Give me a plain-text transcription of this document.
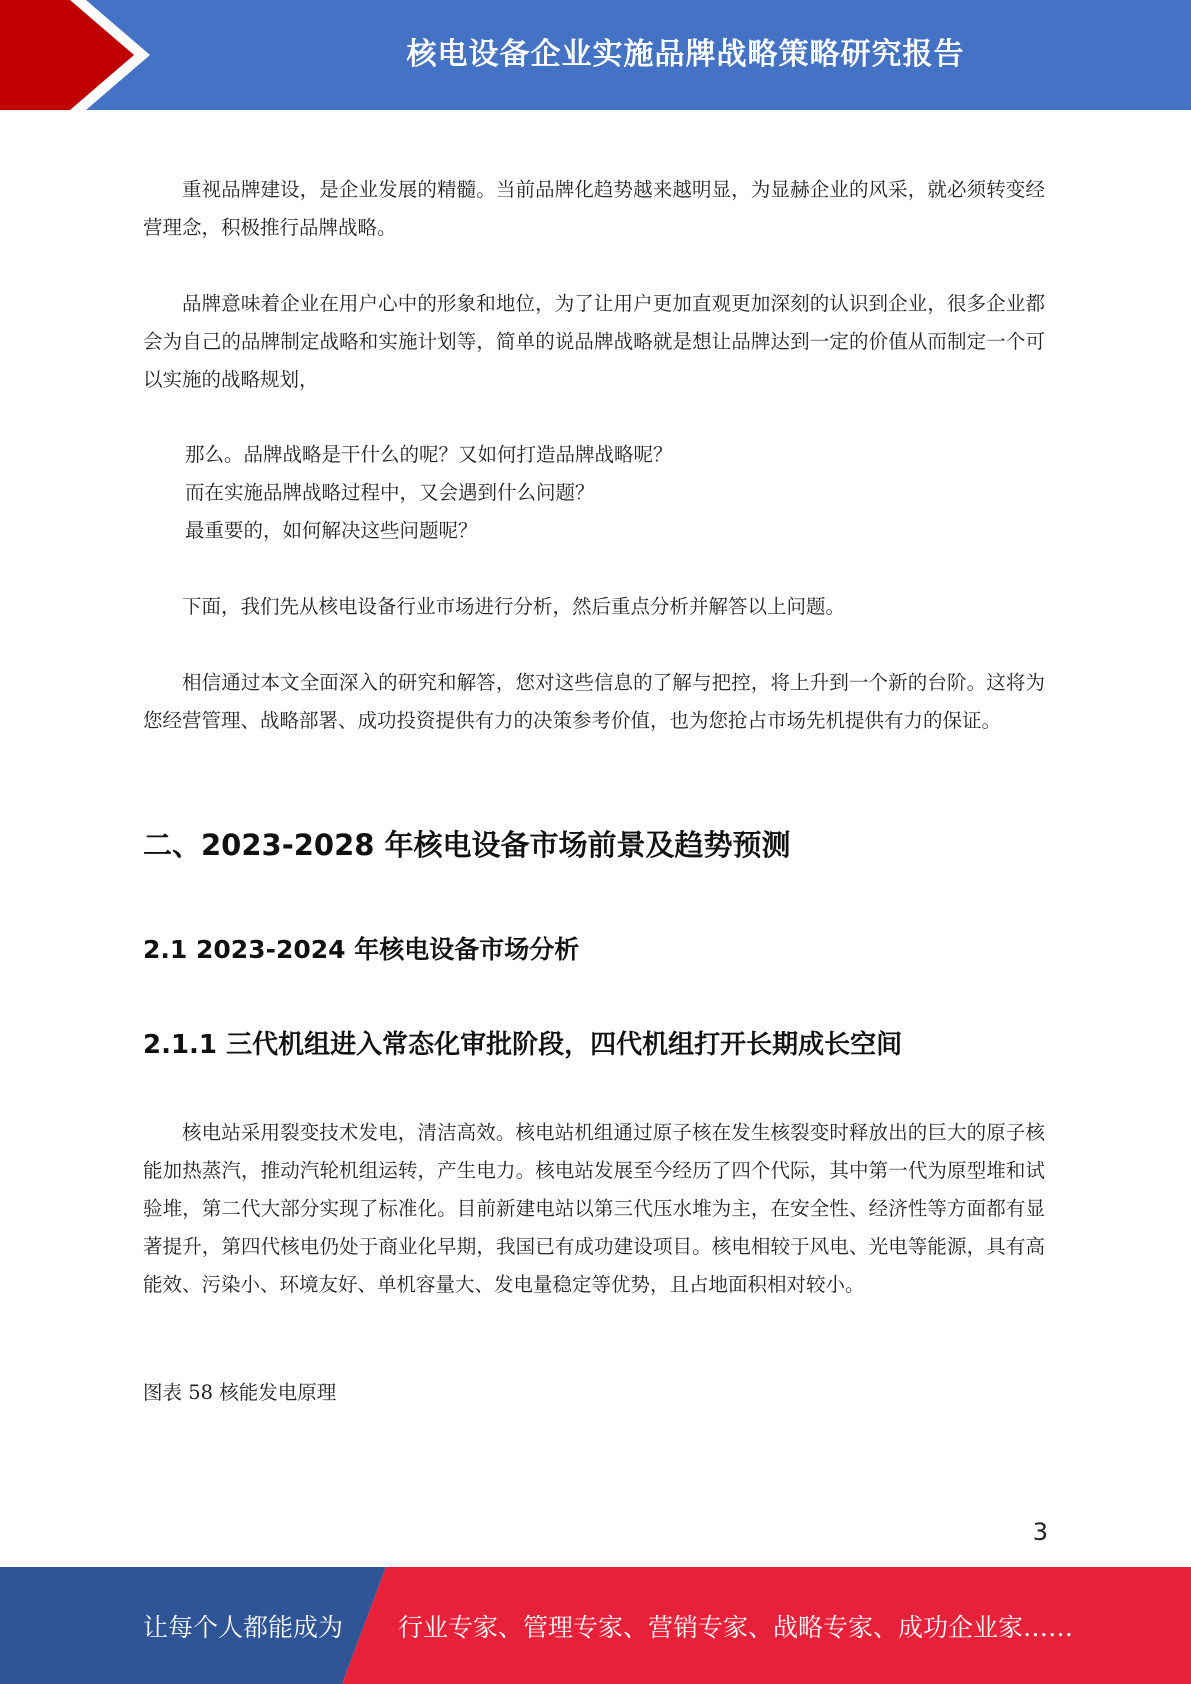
核电设备企业实施品牌战略策略研究报告

重视品牌建设，是企业发展的精髓。当前品牌化趋势越来越明显，为显赫企业的风采，就必须转变经营理念，积极推行品牌战略。

品牌意味着企业在用户心中的形象和地位，为了让用户更加直观更加深刻的认识到企业，很多企业都会为自己的品牌制定战略和实施计划等，简单的说品牌战略就是想让品牌达到一定的价值从而制定一个可以实施的战略规划，

那么。品牌战略是干什么的呢？又如何打造品牌战略呢？

而在实施品牌战略过程中，又会遇到什么问题？

最重要的，如何解决这些问题呢？

下面，我们先从核电设备行业市场进行分析，然后重点分析并解答以上问题。

相信通过本文全面深入的研究和解答，您对这些信息的了解与把控，将上升到一个新的台阶。这将为您经营管理、战略部署、成功投资提供有力的决策参考价值，也为您抢占市场先机提供有力的保证。

二、2023-2028 年核电设备市场前景及趋势预测
2.1 2023-2024 年核电设备市场分析
2.1.1 三代机组进入常态化审批阶段，四代机组打开长期成长空间

核电站采用裂变技术发电，清洁高效。核电站机组通过原子核在发生核裂变时释放出的巨大的原子核能加热蒸汽，推动汽轮机组运转，产生电力。核电站发展至今经历了四个代际，其中第一代为原型堆和试验堆，第二代大部分实现了标准化。目前新建电站以第三代压水堆为主，在安全性、经济性等方面都有显著提升，第四代核电仍处于商业化早期，我国已有成功建设项目。核电相较于风电、光电等能源，具有高能效、污染小、环境友好、单机容量大、发电量稳定等优势，且占地面积相对较小。

图表 58 核能发电原理

3
让每个人都能成为 行业专家、管理专家、营销专家、战略专家、成功企业家……
